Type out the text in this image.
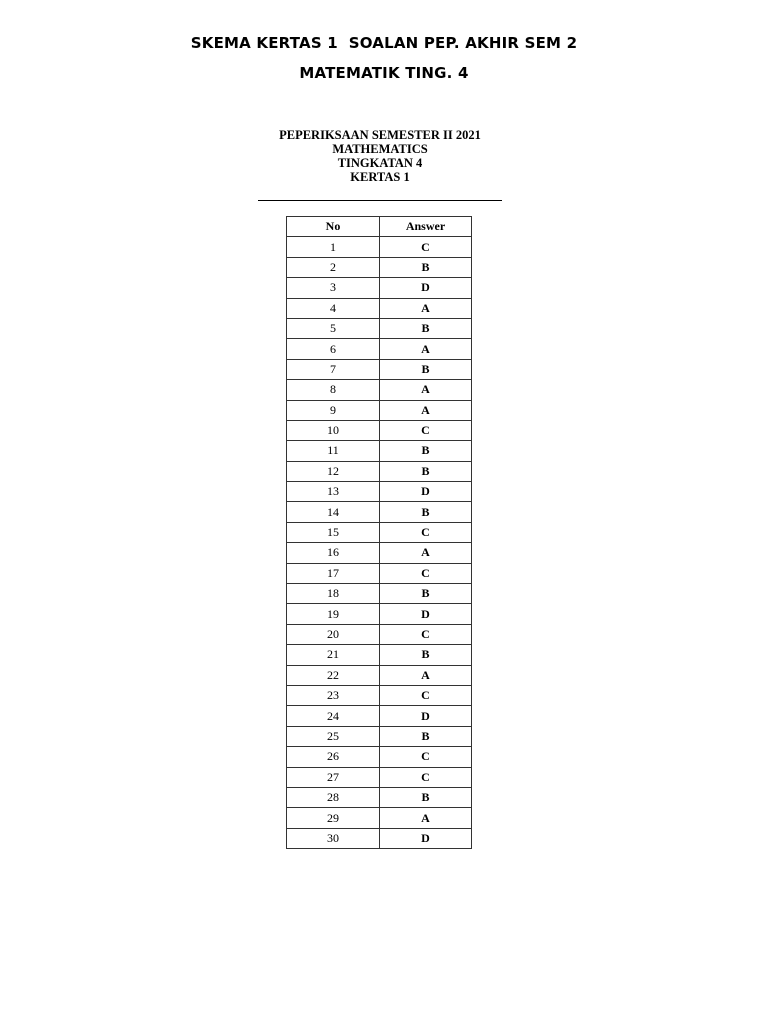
SKEMA KERTAS 1  SOALAN PEP. AKHIR SEM 2
MATEMATIK TING. 4
PEPERIKSAAN SEMESTER II 2021
MATHEMATICS
TINGKATAN 4
KERTAS 1
No	Answer
1	C
2	B
3	D
4	A
5	B
6	A
7	B
8	A
9	A
10	C
11	B
12	B
13	D
14	B
15	C
16	A
17	C
18	B
19	D
20	C
21	B
22	A
23	C
24	D
25	B
26	C
27	C
28	B
29	A
30	D
